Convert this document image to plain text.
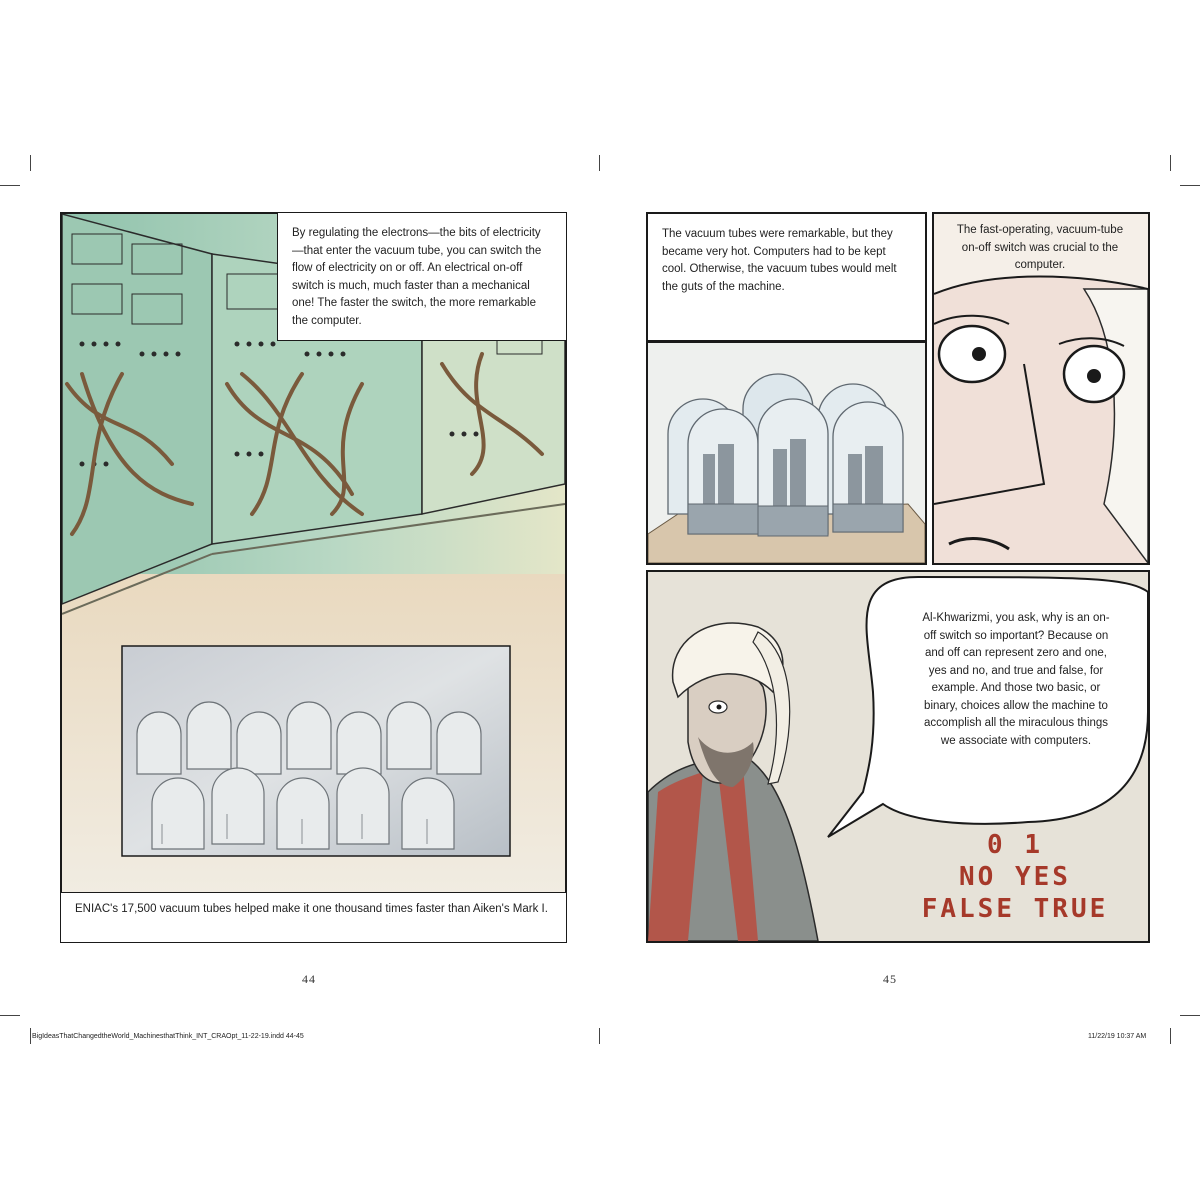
By regulating the electrons—the bits of electricity—that enter the vacuum tube, you can switch the flow of electricity on or off. An electrical on-off switch is much, much faster than a mechanical one! The faster the switch, the more remarkable the computer.
ENIAC's 17,500 vacuum tubes helped make it one thousand times faster than Aiken's Mark I.
44
The vacuum tubes were remarkable, but they became very hot. Computers had to be kept cool. Otherwise, the vacuum tubes would melt the guts of the machine.
The fast-operating, vacuum-tube on-off switch was crucial to the computer.
Al-Khwarizmi, you ask, why is an on-off switch so important? Because on and off can represent zero and one, yes and no, and true and false, for example. And those two basic, or binary, choices allow the machine to accomplish all the miraculous things we associate with computers.
0 1
NO YES
FALSE TRUE
45
BigIdeasThatChangedtheWorld_MachinesthatThink_INT_CRAOpt_11-22-19.indd 44-45	11/22/19 10:37 AM
